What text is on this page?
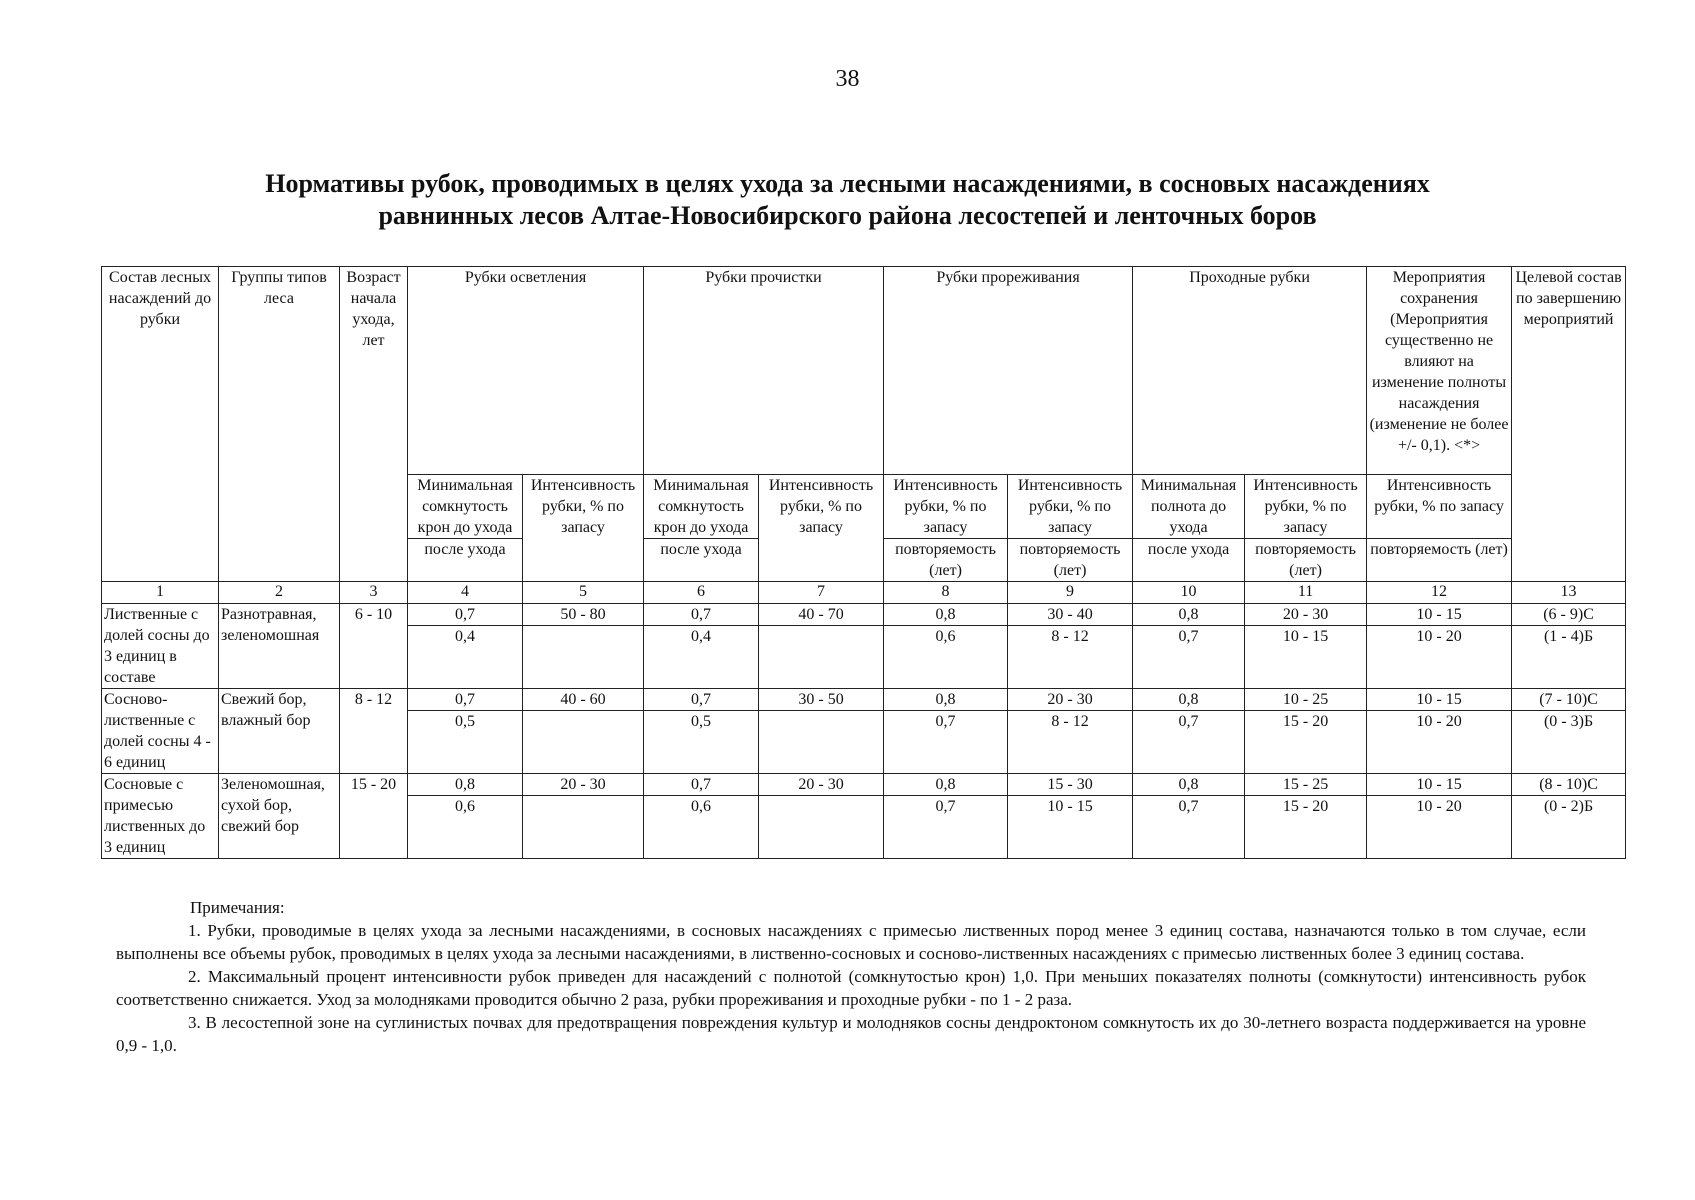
38
Нормативы рубок, проводимых в целях ухода за лесными насаждениями, в сосновых насаждениях
равнинных лесов Алтае-Новосибирского района лесостепей и ленточных боров
Состав лесных насаждений до рубки	Группы типов леса	Возраст начала ухода, лет	Рубки осветления		Рубки прочистки		Рубки прореживания		Проходные рубки		Мероприятия сохранения (Мероприятия существенно не влияют на изменение полноты насаждения (изменение не более +/- 0,1). <*>	Целевой состав по завершению мероприятий
			Минимальная сомкнутость крон до ухода	Интенсивность рубки, % по запасу	Минимальная сомкнутость крон до ухода	Интенсивность рубки, % по запасу	Интенсивность рубки, % по запасу	Интенсивность рубки, % по запасу	Минимальная полнота до ухода	Интенсивность рубки, % по запасу	Интенсивность рубки, % по запасу	
			после ухода		после ухода		повторяемость (лет)	повторяемость (лет)	после ухода	повторяемость (лет)	повторяемость (лет)	
1	2	3	4	5	6	7	8	9	10	11	12	13
Лиственные с долей сосны до 3 единиц в составе	Разнотравная, зеленомошная	6 - 10	0,7	50 - 80	0,7	40 - 70	0,8	30 - 40	0,8	20 - 30	10 - 15	(6 - 9)С
			0,4		0,4		0,6	8 - 12	0,7	10 - 15	10 - 20	(1 - 4)Б
Сосново-лиственные с долей сосны 4 - 6 единиц	Свежий бор, влажный бор	8 - 12	0,7	40 - 60	0,7	30 - 50	0,8	20 - 30	0,8	10 - 25	10 - 15	(7 - 10)С
			0,5		0,5		0,7	8 - 12	0,7	15 - 20	10 - 20	(0 - 3)Б
Сосновые с примесью лиственных до 3 единиц	Зеленомошная, сухой бор, свежий бор	15 - 20	0,8	20 - 30	0,7	20 - 30	0,8	15 - 30	0,8	15 - 25	10 - 15	(8 - 10)С
			0,6		0,6		0,7	10 - 15	0,7	15 - 20	10 - 20	(0 - 2)Б

Примечания:

1. Рубки, проводимые в целях ухода за лесными насаждениями, в сосновых насаждениях с примесью лиственных пород менее 3 единиц состава, назначаются только в том случае, если выполнены все объемы рубок, проводимых в целях ухода за лесными насаждениями, в лиственно-сосновых и сосново-лиственных насаждениях с примесью лиственных более 3 единиц состава.

2. Максимальный процент интенсивности рубок приведен для насаждений с полнотой (сомкнутостью крон) 1,0. При меньших показателях полноты (сомкнутости) интенсивность рубок соответственно снижается. Уход за молодняками проводится обычно 2 раза, рубки прореживания и проходные рубки - по 1 - 2 раза.

3. В лесостепной зоне на суглинистых почвах для предотвращения повреждения культур и молодняков сосны дендроктоном сомкнутость их до 30-летнего возраста поддерживается на уровне 0,9 - 1,0.
